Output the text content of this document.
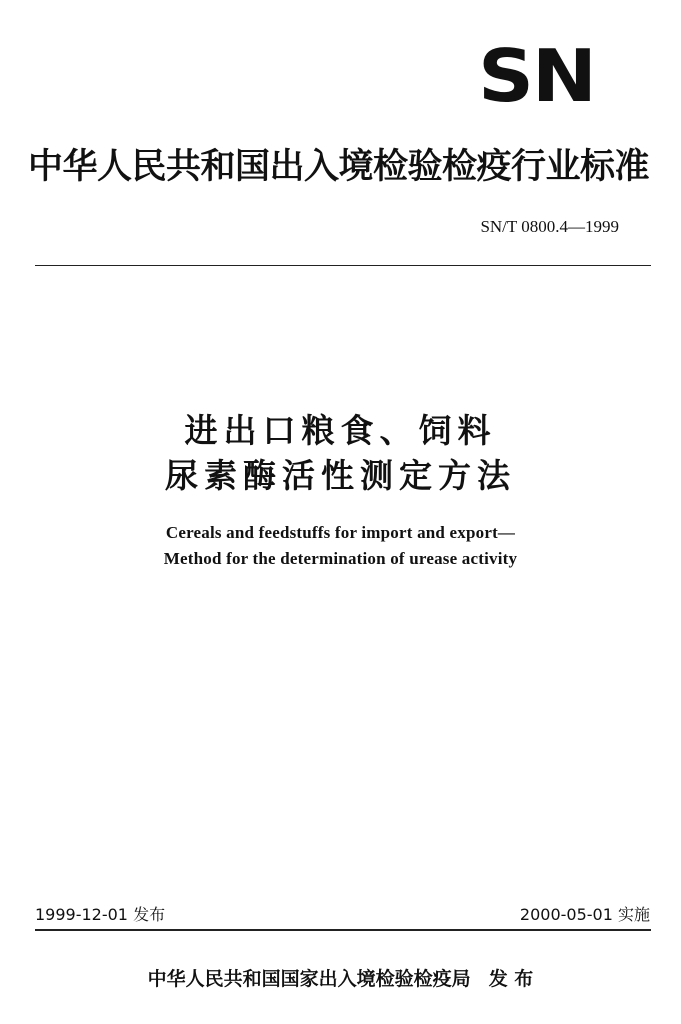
SN
中华人民共和国出入境检验检疫行业标准
SN/T 0800.4—1999
进出口粮食、饲料
尿素酶活性测定方法
Cereals and feedstuffs for import and export—
Method for the determination of urease activity
1999-12-01 发布	2000-05-01 实施
中华人民共和国国家出入境检验检疫局 发 布
